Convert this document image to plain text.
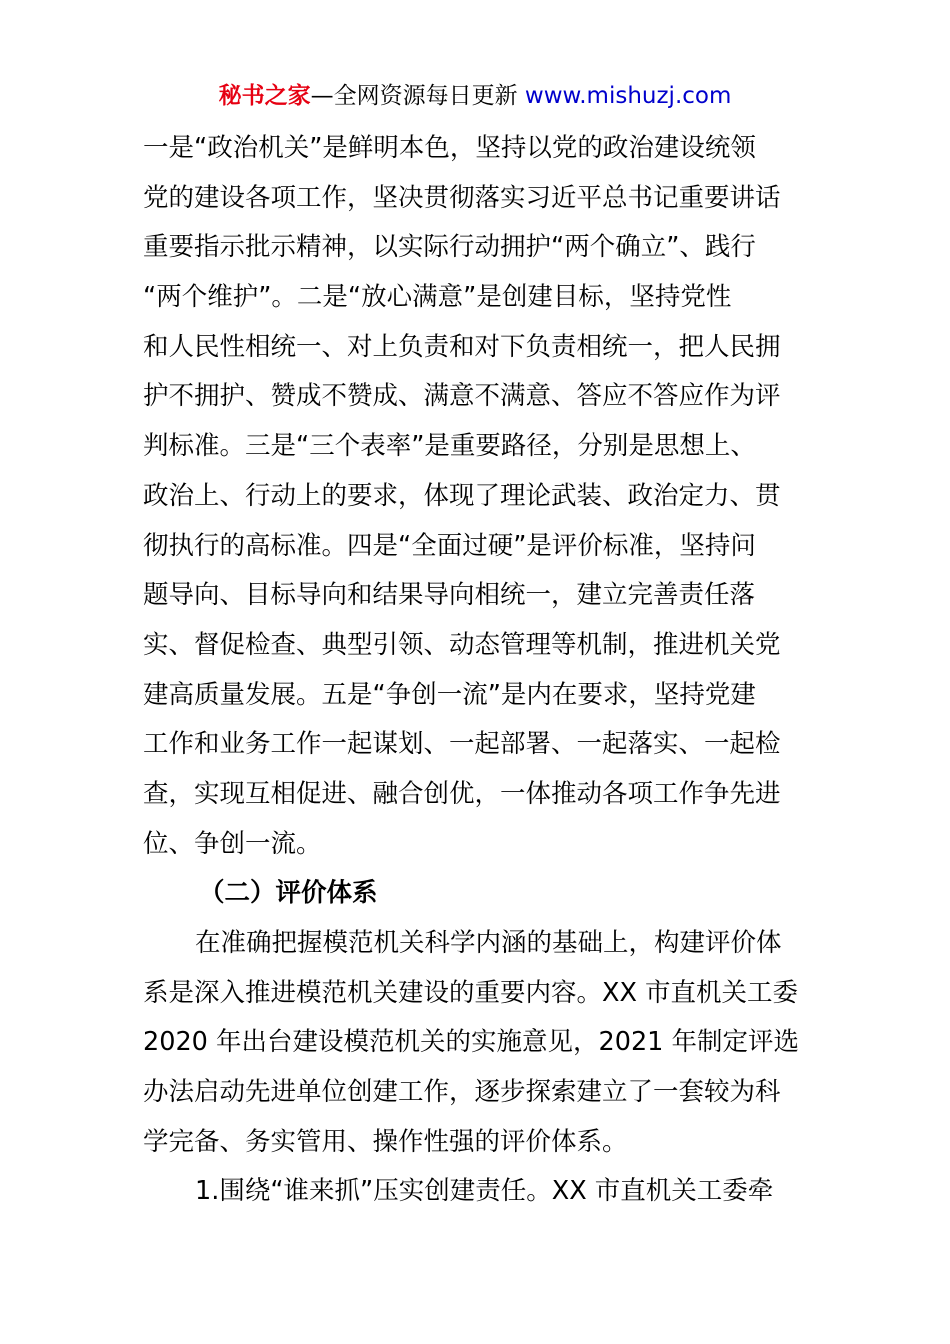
秘书之家—全网资源每日更新 www.mishuzj.com
一是“政治机关”是鲜明本色，坚持以党的政治建设统领
党的建设各项工作，坚决贯彻落实习近平总书记重要讲话
重要指示批示精神，以实际行动拥护“两个确立”、践行
“两个维护”。二是“放心满意”是创建目标，坚持党性
和人民性相统一、对上负责和对下负责相统一，把人民拥
护不拥护、赞成不赞成、满意不满意、答应不答应作为评
判标准。三是“三个表率”是重要路径，分别是思想上、
政治上、行动上的要求，体现了理论武装、政治定力、贯
彻执行的高标准。四是“全面过硬”是评价标准，坚持问
题导向、目标导向和结果导向相统一，建立完善责任落
实、督促检查、典型引领、动态管理等机制，推进机关党
建高质量发展。五是“争创一流”是内在要求，坚持党建
工作和业务工作一起谋划、一起部署、一起落实、一起检
查，实现互相促进、融合创优，一体推动各项工作争先进
位、争创一流。
（二）评价体系
在准确把握模范机关科学内涵的基础上，构建评价体
系是深入推进模范机关建设的重要内容。XX 市直机关工委
2020 年出台建设模范机关的实施意见，2021 年制定评选
办法启动先进单位创建工作，逐步探索建立了一套较为科
学完备、务实管用、操作性强的评价体系。
1.围绕“谁来抓”压实创建责任。XX 市直机关工委牵
